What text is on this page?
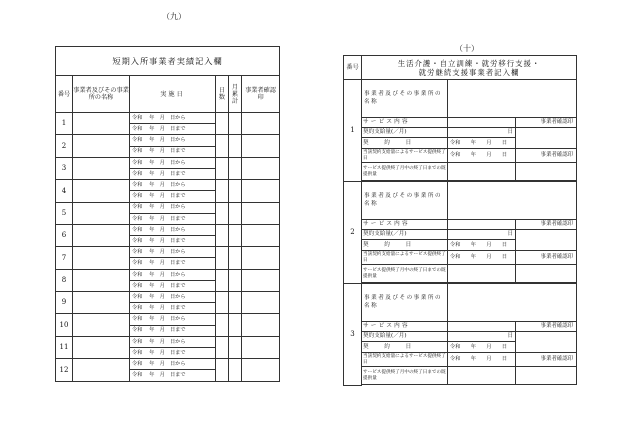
（九）
短期入所事業者実績記入欄					
番号	事業者及びその事業所の名称	実施日	日数	月累計	事業者確認印
1		令和　 年　月　日から			
		令和　 年　月　日まで			
2		令和　 年　月　日から			
		令和　 年　月　日まで			
3		令和　 年　月　日から			
		令和　 年　月　日まで			
4		令和　 年　月　日から			
		令和　 年　月　日まで			
5		令和　 年　月　日から			
		令和　 年　月　日まで			
6		令和　 年　月　日から			
		令和　 年　月　日まで			
7		令和　 年　月　日から			
		令和　 年　月　日まで			
8		令和　 年　月　日から			
		令和　 年　月　日まで			
9		令和　 年　月　日から			
		令和　 年　月　日まで			
10		令和　 年　月　日から			
		令和　 年　月　日まで			
11		令和　 年　月　日から			
		令和　 年　月　日まで			
12		令和　 年　月　日から			
		令和　 年　月　日まで			
（十）
番号	生活介護・自立訓練・就労移行支援・
就労継続支援事業者記入欄		

1	事業者及びその事業所の名称		
	サービス内容		事業者確認印
	契約支給量(／月)	日	
	契　　約　　日	令和　　年　　月　　日	
	当該契約支給量によるサービス提供終了日	令和　　年　　月　　日	事業者確認印
	サービス提供終了月中の終了日までの既提供量		

2	事業者及びその事業所の名称		
	サービス内容		事業者確認印
	契約支給量(／月)	日	
	契　　約　　日	令和　　年　　月　　日	
	当該契約支給量によるサービス提供終了日	令和　　年　　月　　日	事業者確認印
	サービス提供終了月中の終了日までの既提供量		

3	事業者及びその事業所の名称		
	サービス内容		事業者確認印
	契約支給量(／月)	日	
	契　　約　　日	令和　　年　　月　　日	
	当該契約支給量によるサービス提供終了日	令和　　年　　月　　日	事業者確認印
	サービス提供終了月中の終了日までの既提供量		
